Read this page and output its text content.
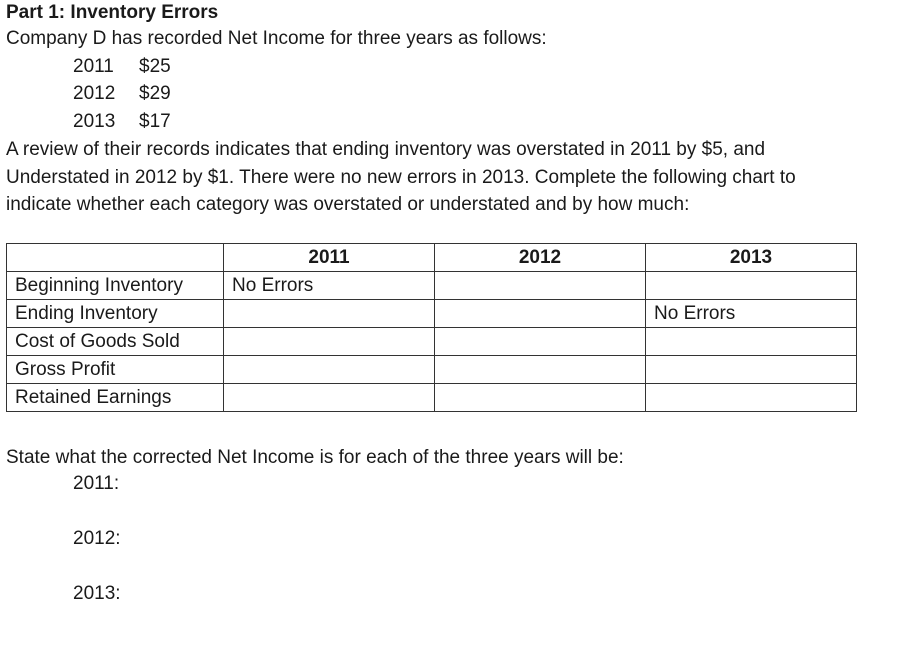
Part 1: Inventory Errors
Company D has recorded Net Income for three years as follows:
2011 $25
2012 $29
2013 $17
A review of their records indicates that ending inventory was overstated in 2011 by $5, and
Understated in 2012 by $1. There were no new errors in 2013. Complete the following chart to
indicate whether each category was overstated or understated and by how much:
	2011	2012	2013
Beginning Inventory	No Errors		
Ending Inventory			No Errors
Cost of Goods Sold			
Gross Profit			
Retained Earnings			
State what the corrected Net Income is for each of the three years will be:
2011:
2012:
2013:
